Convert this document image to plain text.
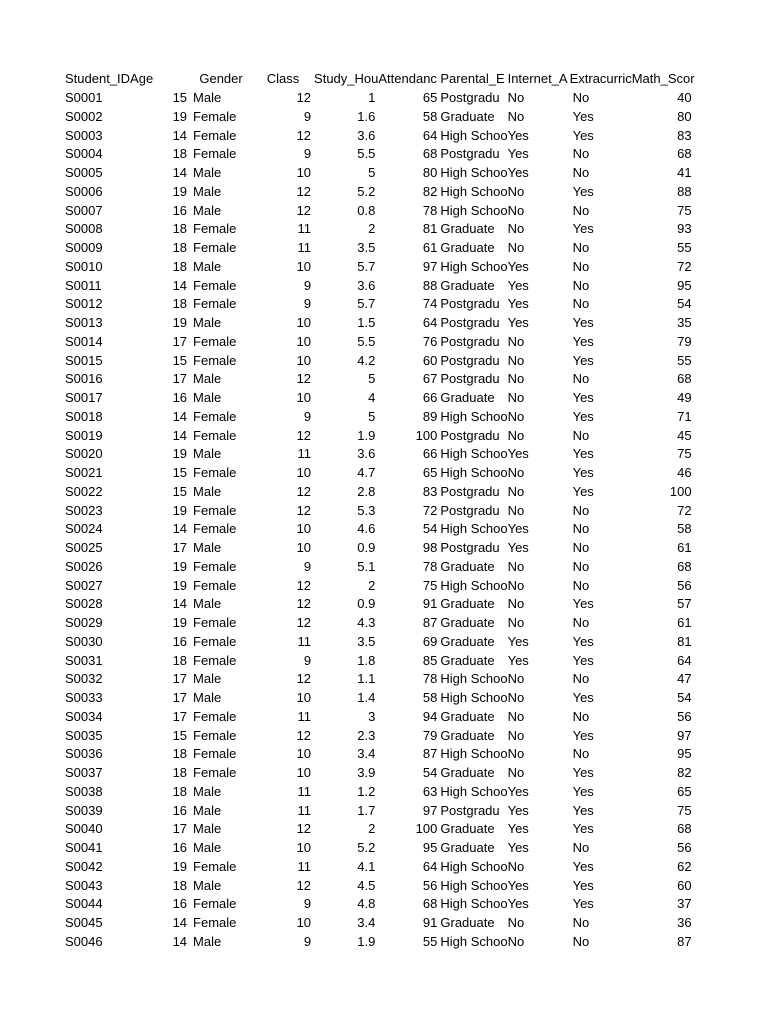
Student_ID	Age	Gender	Class	Study_Hou	Attendanc	Parental_E	Internet_A	Extracurric	Math_Scor
S0001	15	Male	12	1	65	Postgradu	No	No	40
S0002	19	Female	9	1.6	58	Graduate	No	Yes	80
S0003	14	Female	12	3.6	64	High Schoo	Yes	Yes	83
S0004	18	Female	9	5.5	68	Postgradu	Yes	No	68
S0005	14	Male	10	5	80	High Schoo	Yes	No	41
S0006	19	Male	12	5.2	82	High Schoo	No	Yes	88
S0007	16	Male	12	0.8	78	High Schoo	No	No	75
S0008	18	Female	11	2	81	Graduate	No	Yes	93
S0009	18	Female	11	3.5	61	Graduate	No	No	55
S0010	18	Male	10	5.7	97	High Schoo	Yes	No	72
S0011	14	Female	9	3.6	88	Graduate	Yes	No	95
S0012	18	Female	9	5.7	74	Postgradu	Yes	No	54
S0013	19	Male	10	1.5	64	Postgradu	Yes	Yes	35
S0014	17	Female	10	5.5	76	Postgradu	No	Yes	79
S0015	15	Female	10	4.2	60	Postgradu	No	Yes	55
S0016	17	Male	12	5	67	Postgradu	No	No	68
S0017	16	Male	10	4	66	Graduate	No	Yes	49
S0018	14	Female	9	5	89	High Schoo	No	Yes	71
S0019	14	Female	12	1.9	100	Postgradu	No	No	45
S0020	19	Male	11	3.6	66	High Schoo	Yes	Yes	75
S0021	15	Female	10	4.7	65	High Schoo	No	Yes	46
S0022	15	Male	12	2.8	83	Postgradu	No	Yes	100
S0023	19	Female	12	5.3	72	Postgradu	No	No	72
S0024	14	Female	10	4.6	54	High Schoo	Yes	No	58
S0025	17	Male	10	0.9	98	Postgradu	Yes	No	61
S0026	19	Female	9	5.1	78	Graduate	No	No	68
S0027	19	Female	12	2	75	High Schoo	No	No	56
S0028	14	Male	12	0.9	91	Graduate	No	Yes	57
S0029	19	Female	12	4.3	87	Graduate	No	No	61
S0030	16	Female	11	3.5	69	Graduate	Yes	Yes	81
S0031	18	Female	9	1.8	85	Graduate	Yes	Yes	64
S0032	17	Male	12	1.1	78	High Schoo	No	No	47
S0033	17	Male	10	1.4	58	High Schoo	No	Yes	54
S0034	17	Female	11	3	94	Graduate	No	No	56
S0035	15	Female	12	2.3	79	Graduate	No	Yes	97
S0036	18	Female	10	3.4	87	High Schoo	No	No	95
S0037	18	Female	10	3.9	54	Graduate	No	Yes	82
S0038	18	Male	11	1.2	63	High Schoo	Yes	Yes	65
S0039	16	Male	11	1.7	97	Postgradu	Yes	Yes	75
S0040	17	Male	12	2	100	Graduate	Yes	Yes	68
S0041	16	Male	10	5.2	95	Graduate	Yes	No	56
S0042	19	Female	11	4.1	64	High Schoo	No	Yes	62
S0043	18	Male	12	4.5	56	High Schoo	Yes	Yes	60
S0044	16	Female	9	4.8	68	High Schoo	Yes	Yes	37
S0045	14	Female	10	3.4	91	Graduate	No	No	36
S0046	14	Male	9	1.9	55	High Schoo	No	No	87
